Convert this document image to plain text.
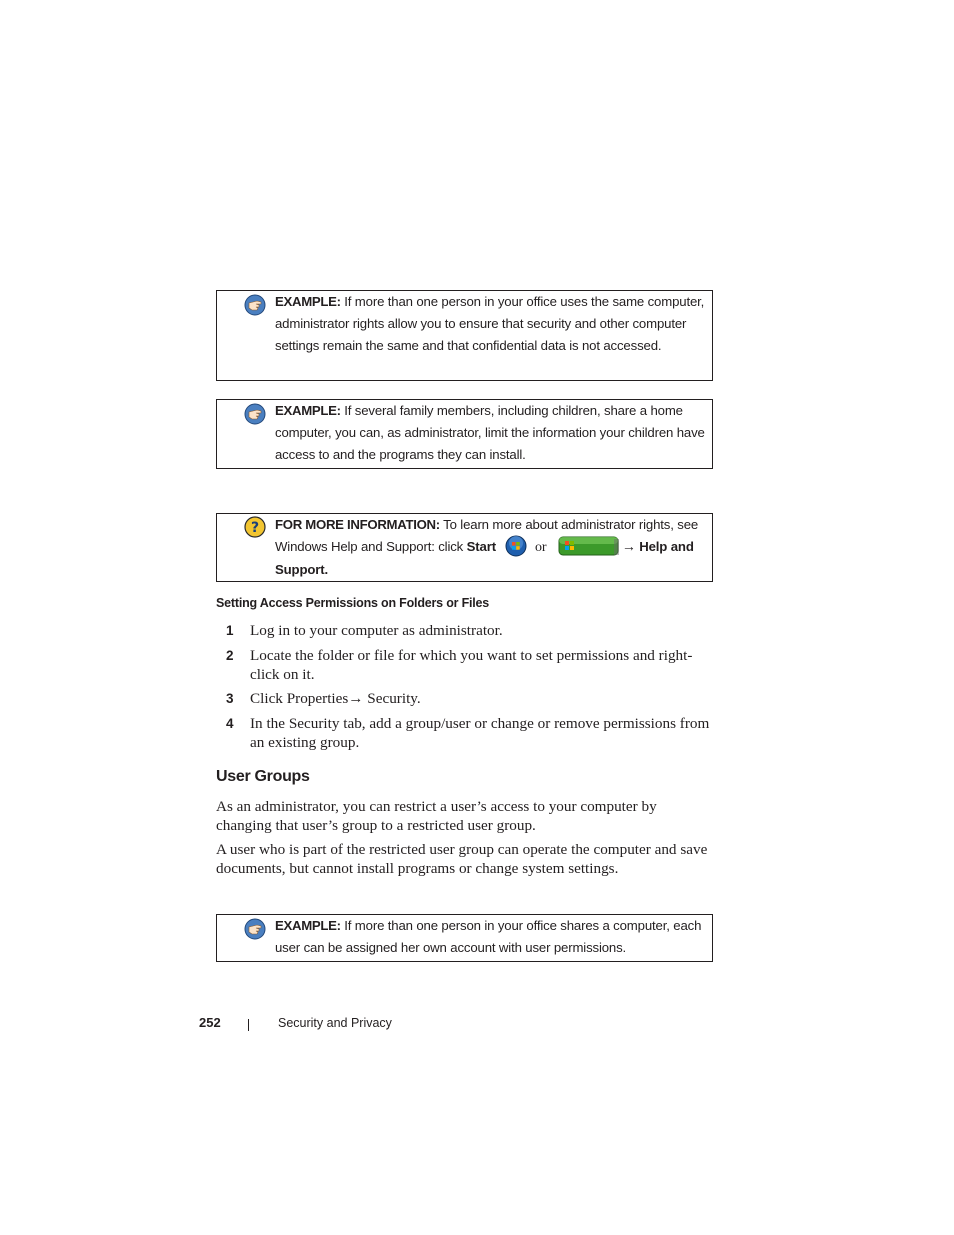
EXAMPLE: If more than one person in your office uses the same computer, administrator rights allow you to ensure that security and other computer settings remain the same and that confidential data is not accessed.
EXAMPLE: If several family members, including children, share a home computer, you can, as administrator, limit the information your children have access to and the programs they can install.
? FOR MORE INFORMATION: To learn more about administrator rights, see Windows Help and Support: click Start	or	→ Help and Support.
Setting Access Permissions on Folders or Files
1 Log in to your computer as administrator.
2 Locate the folder or file for which you want to set permissions and right-click on it.
3 Click Properties→ Security.
4 In the Security tab, add a group/user or change or remove permissions from an existing group.
User Groups
As an administrator, you can restrict a user’s access to your computer by changing that user’s group to a restricted user group.
A user who is part of the restricted user group can operate the computer and save documents, but cannot install programs or change system settings.
EXAMPLE: If more than one person in your office shares a computer, each user can be assigned her own account with user permissions.
252	Security and Privacy
